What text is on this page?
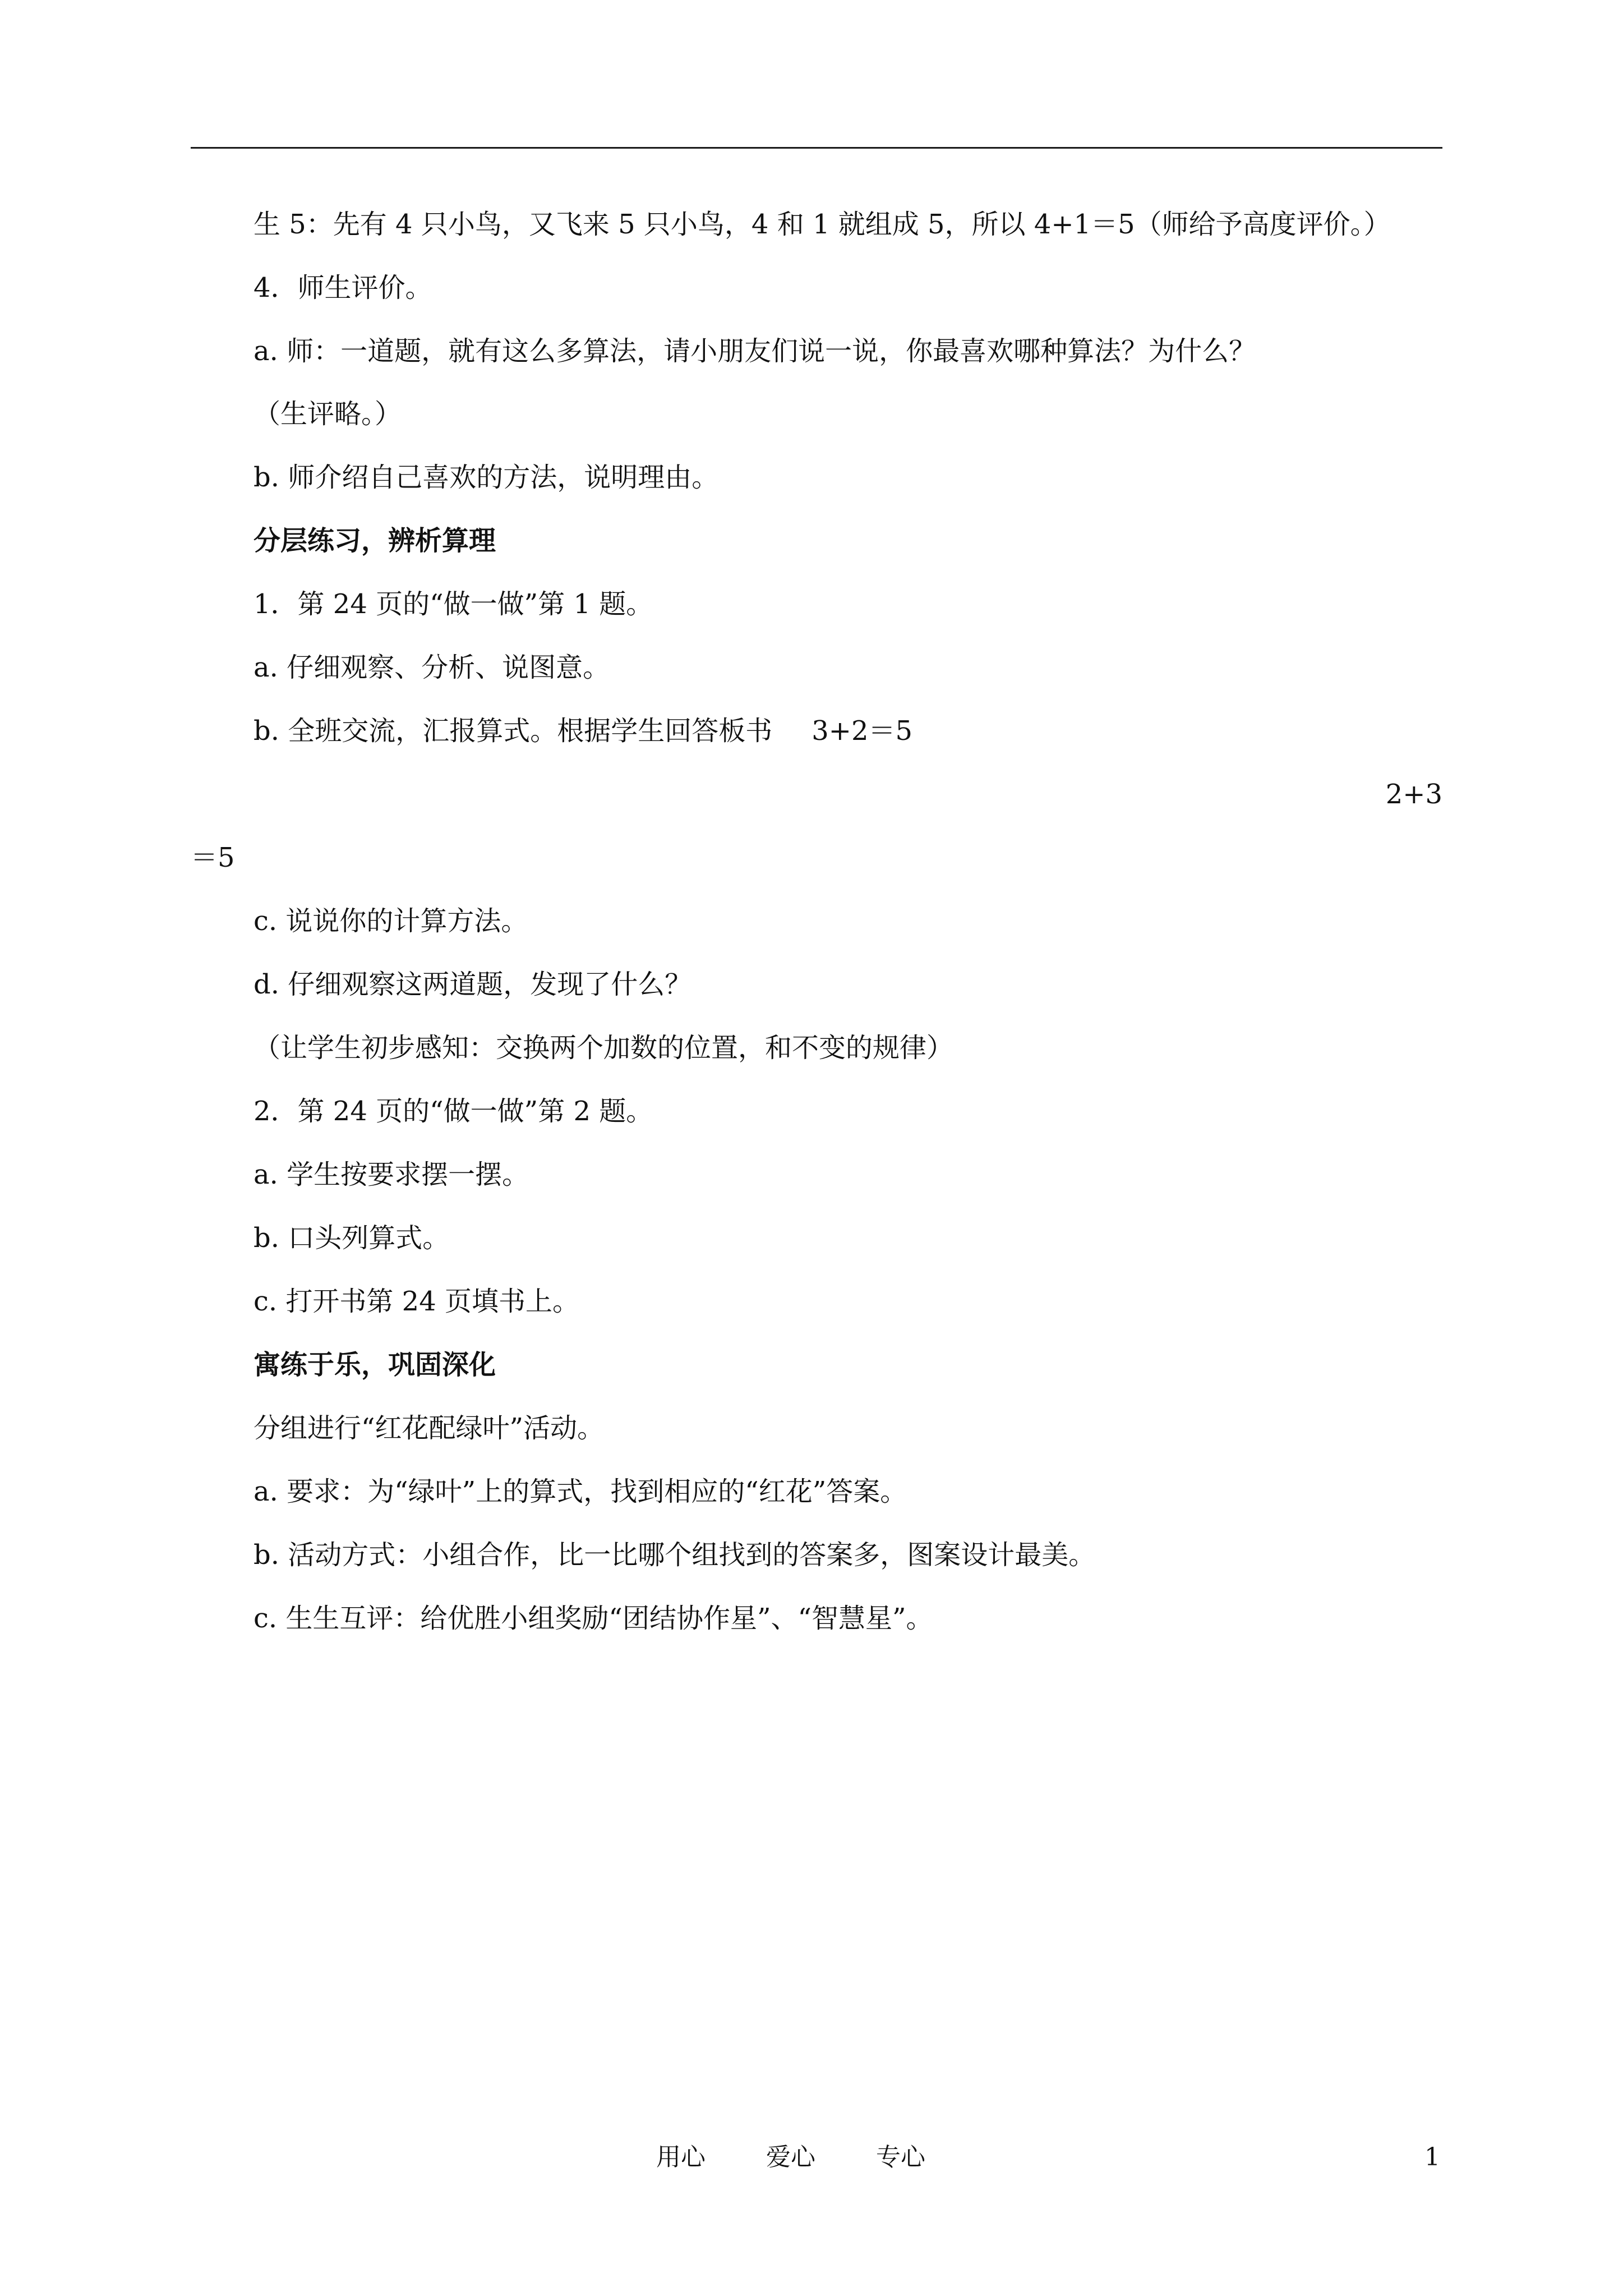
生 5：先有 4 只小鸟，又飞来 5 只小鸟，4 和 1 就组成 5，所以 4+1＝5（师给予高度评价。）
4．师生评价。
a. 师：一道题，就有这么多算法，请小朋友们说一说，你最喜欢哪种算法？为什么？
（生评略。）
b. 师介绍自己喜欢的方法，说明理由。
分层练习，辨析算理
1．第 24 页的“做一做”第 1 题。
a. 仔细观察、分析、说图意。
b. 全班交流，汇报算式。根据学生回答板书 3+2＝5
2+3
＝5
c. 说说你的计算方法。
d. 仔细观察这两道题，发现了什么？
（让学生初步感知：交换两个加数的位置，和不变的规律）
2．第 24 页的“做一做”第 2 题。
a. 学生按要求摆一摆。
b. 口头列算式。
c. 打开书第 24 页填书上。
寓练于乐，巩固深化
分组进行“红花配绿叶”活动。
a. 要求：为“绿叶”上的算式，找到相应的“红花”答案。
b. 活动方式：小组合作，比一比哪个组找到的答案多，图案设计最美。
c. 生生互评：给优胜小组奖励“团结协作星”、“智慧星”。
用心 爱心 专心	1
